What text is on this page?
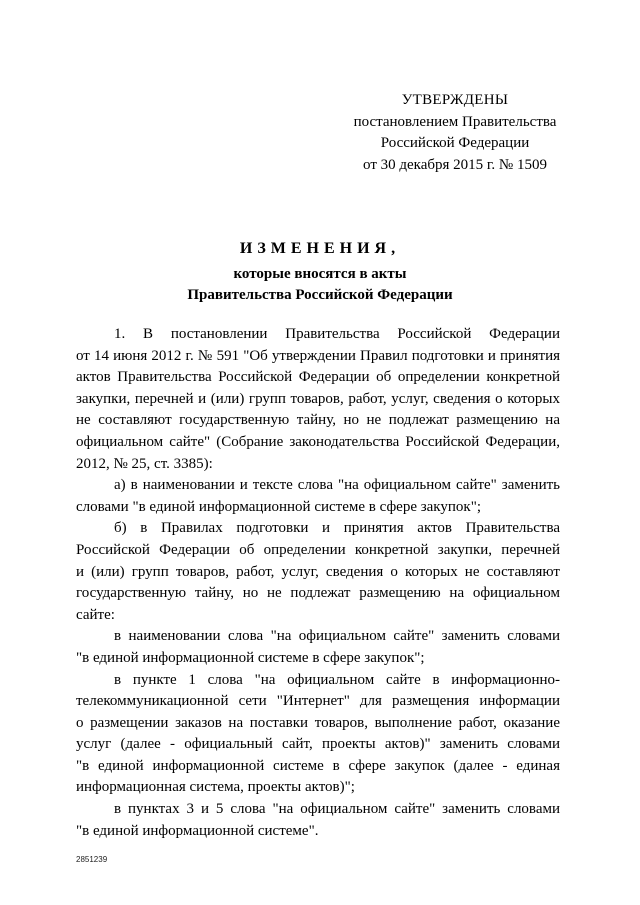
УТВЕРЖДЕНЫ
постановлением Правительства
Российской Федерации
от 30 декабря 2015 г. № 1509
ИЗМЕНЕНИЯ,
которые вносятся в акты
Правительства Российской Федерации

1. В постановлении Правительства Российской Федерации
от 14 июня 2012 г. № 591 "Об утверждении Правил подготовки и принятия
актов Правительства Российской Федерации об определении конкретной
закупки, перечней и (или) групп товаров, работ, услуг, сведения о которых
не составляют государственную тайну, но не подлежат размещению на
официальном сайте" (Собрание законодательства Российской Федерации,
2012, № 25, ст. 3385):

а) в наименовании и тексте слова "на официальном сайте" заменить
словами "в единой информационной системе в сфере закупок";

б) в Правилах подготовки и принятия актов Правительства
Российской Федерации об определении конкретной закупки, перечней
и (или) групп товаров, работ, услуг, сведения о которых не составляют
государственную тайну, но не подлежат размещению на официальном
сайте:

в наименовании слова "на официальном сайте" заменить словами
"в единой информационной системе в сфере закупок";

в пункте 1 слова "на официальном сайте в информационно-
телекоммуникационной сети "Интернет" для размещения информации
о размещении заказов на поставки товаров, выполнение работ, оказание
услуг (далее - официальный сайт, проекты актов)" заменить словами
"в единой информационной системе в сфере закупок (далее - единая
информационная система, проекты актов)";

в пунктах 3 и 5 слова "на официальном сайте" заменить словами
"в единой информационной системе".

2851239
